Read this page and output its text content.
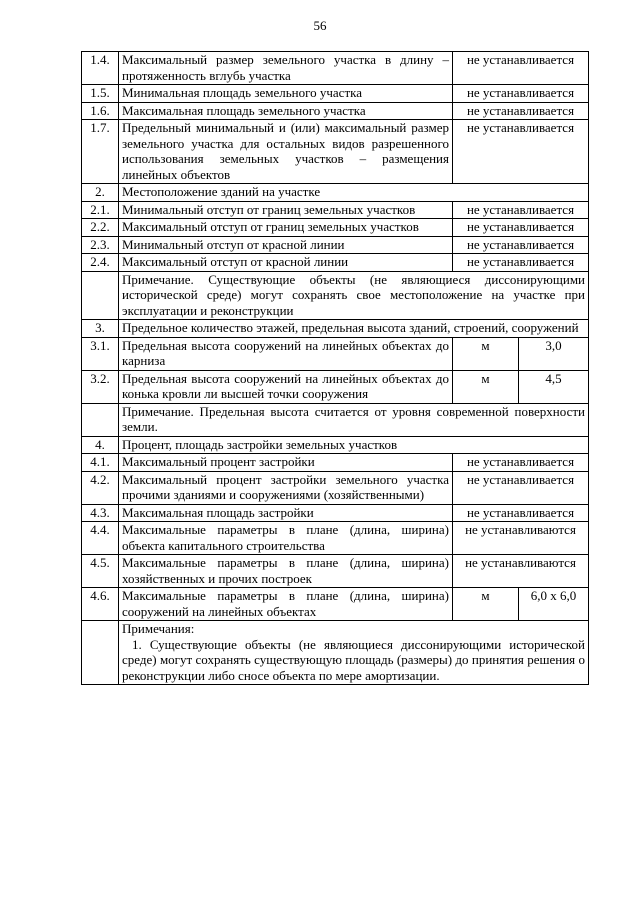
56
1.4.	Максимальный размер земельного участка в длину – протяженность вглубь участка	не устанавливается	
1.5.	Минимальная площадь земельного участка	не устанавливается	
1.6.	Максимальная площадь земельного участка	не устанавливается	
1.7.	Предельный минимальный и (или) максимальный размер земельного участка для остальных видов разрешенного использования земельных участков – размещения линейных объектов	не устанавливается	
2.	Местоположение зданий на участке		
2.1.	Минимальный отступ от границ земельных участков	не устанавливается	
2.2.	Максимальный отступ от границ земельных участков	не устанавливается	
2.3.	Минимальный отступ от красной линии	не устанавливается	
2.4.	Максимальный отступ от красной линии	не устанавливается	
	Примечание. Существующие объекты (не являющиеся диссонирующими исторической среде) могут сохранять свое местоположение на участке при эксплуатации и реконструкции		
3.	Предельное количество этажей, предельная высота зданий, строений, сооружений		
3.1.	Предельная высота сооружений на линейных объектах до карниза	м	3,0
3.2.	Предельная высота сооружений на линейных объектах до конька кровли ли высшей точки сооружения	м	4,5
	Примечание. Предельная высота считается от уровня современной поверхности земли.		
4.	Процент, площадь застройки земельных участков		
4.1.	Максимальный процент застройки	не устанавливается	
4.2.	Максимальный процент застройки земельного участка прочими зданиями и сооружениями (хозяйственными)	не устанавливается	
4.3.	Максимальная площадь застройки	не устанавливается	
4.4.	Максимальные параметры в плане (длина, ширина) объекта капитального строительства	не устанавливаются	
4.5.	Максимальные параметры в плане (длина, ширина) хозяйственных и прочих построек	не устанавливаются	
4.6.	Максимальные параметры в плане (длина, ширина) сооружений на линейных объектах	м	6,0 х 6,0

	Примечания:
1. Существующие объекты (не являющиеся диссонирующими исторической среде) могут сохранять существующую площадь (размеры) до принятия решения о реконструкции либо сносе объекта по мере амортизации.		
